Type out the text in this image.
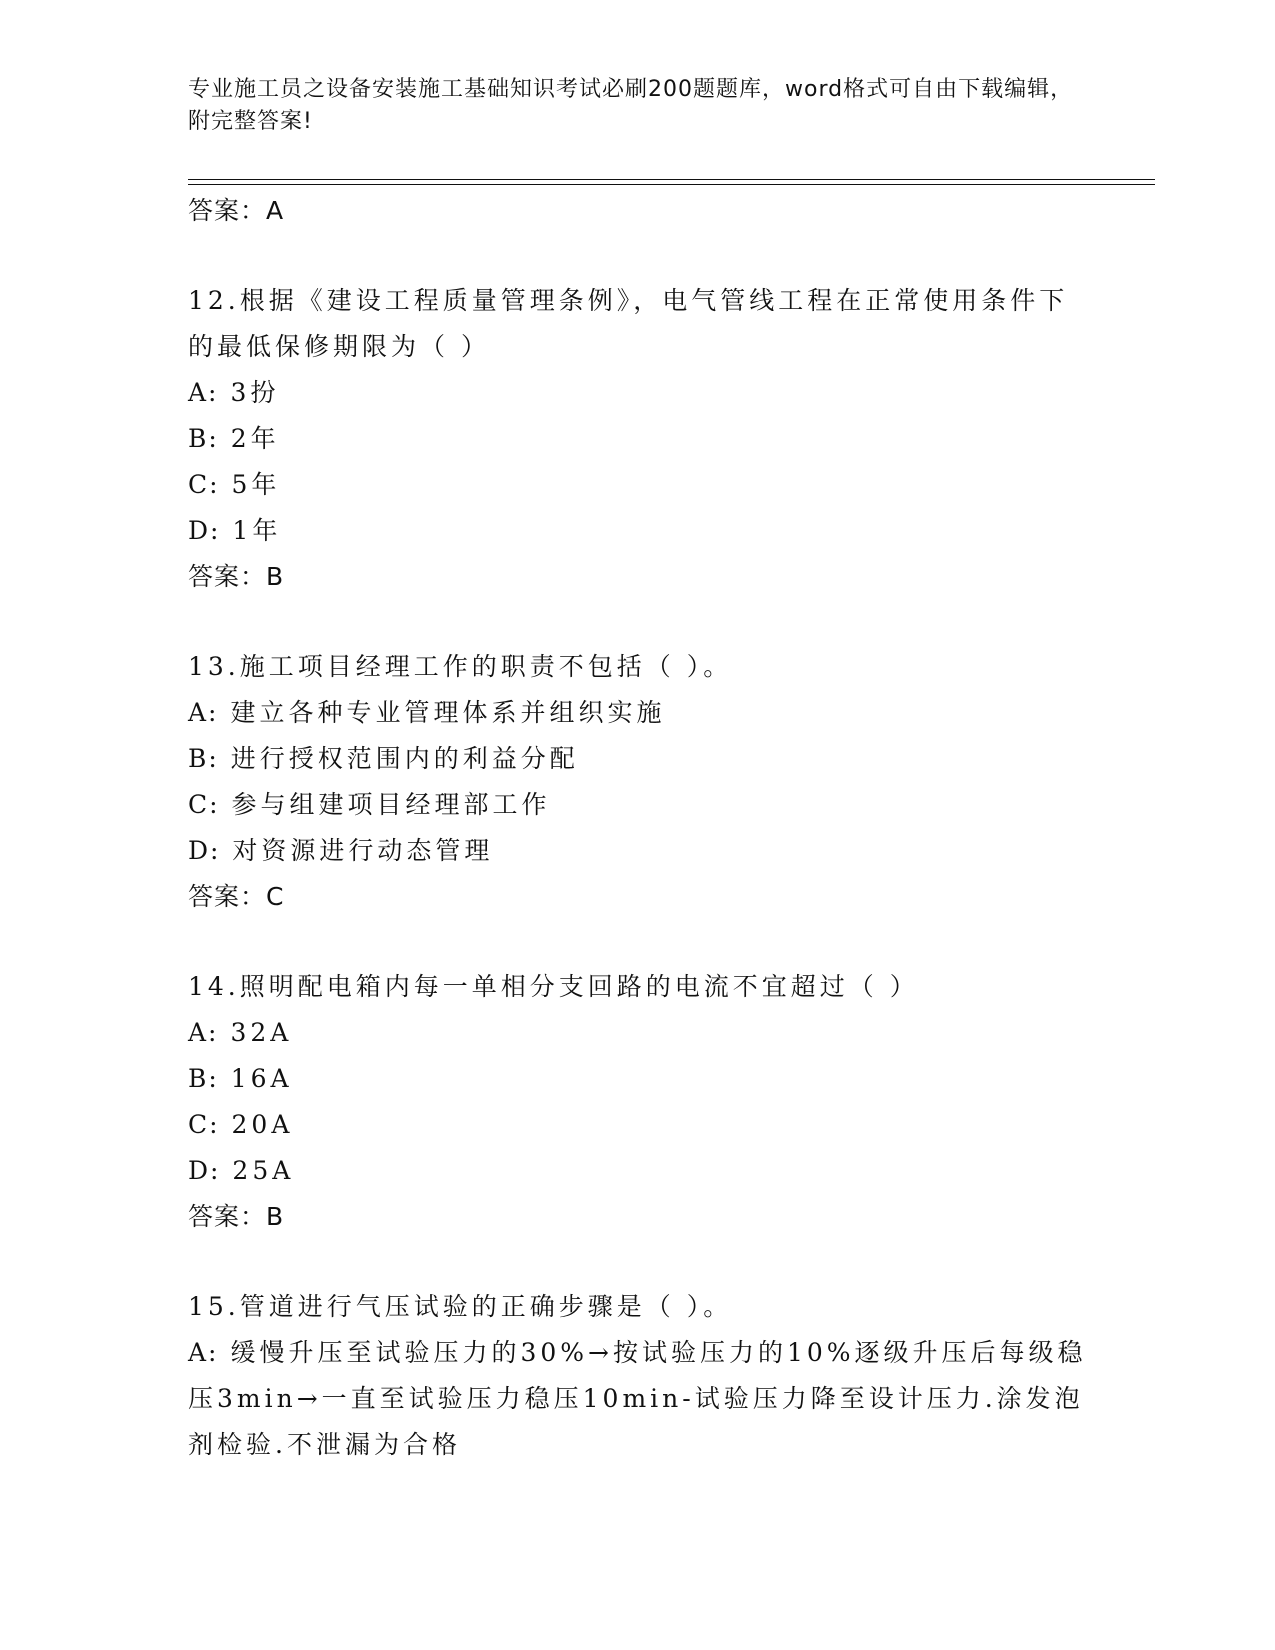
专业施工员之设备安装施工基础知识考试必刷200题题库，word格式可自由下载编辑，附完整答案!
答案：A
12.根据《建设工程质量管理条例》，电气管线工程在正常使用条件下的最低保修期限为（ ）
A: 3扮
B: 2年
C: 5年
D: 1年
答案：B
13.施工项目经理工作的职责不包括（ ）。
A: 建立各种专业管理体系并组织实施
B: 进行授权范围内的利益分配
C: 参与组建项目经理部工作
D: 对资源进行动态管理
答案：C
14.照明配电箱内每一单相分支回路的电流不宜超过（ ）
A: 32A
B: 16A
C: 20A
D: 25A
答案：B
15.管道进行气压试验的正确步骤是（ ）。
A: 缓慢升压至试验压力的30%→按试验压力的10%逐级升压后每级稳压3min→一直至试验压力稳压10min-试验压力降至设计压力.涂发泡剂检验.不泄漏为合格
